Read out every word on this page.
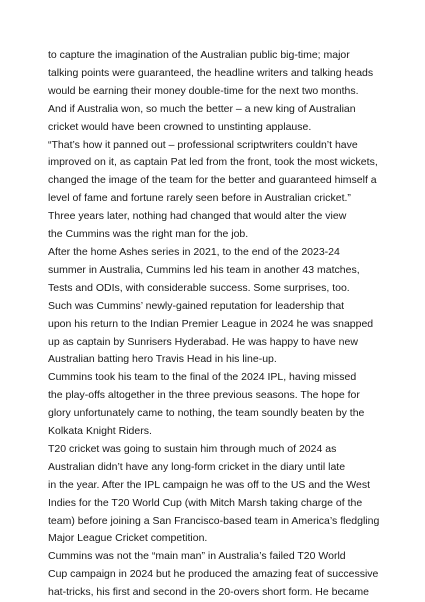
to capture the imagination of the Australian public big-time; major
talking points were guaranteed, the headline writers and talking heads
would be earning their money double-time for the next two months.
And if Australia won, so much the better – a new king of Australian
cricket would have been crowned to unstinting applause.
“That’s how it panned out – professional scriptwriters couldn’t have
improved on it, as captain Pat led from the front, took the most wickets,
changed the image of the team for the better and guaranteed himself a
level of fame and fortune rarely seen before in Australian cricket.”
Three years later, nothing had changed that would alter the view
the Cummins was the right man for the job.
After the home Ashes series in 2021, to the end of the 2023-24
summer in Australia, Cummins led his team in another 43 matches,
Tests and ODIs, with considerable success. Some surprises, too.
Such was Cummins’ newly-gained reputation for leadership that
upon his return to the Indian Premier League in 2024 he was snapped
up as captain by Sunrisers Hyderabad. He was happy to have new
Australian batting hero Travis Head in his line-up.
Cummins took his team to the final of the 2024 IPL, having missed
the play-offs altogether in the three previous seasons. The hope for
glory unfortunately came to nothing, the team soundly beaten by the
Kolkata Knight Riders.
T20 cricket was going to sustain him through much of 2024 as
Australian didn’t have any long-form cricket in the diary until late
in the year. After the IPL campaign he was off to the US and the West
Indies for the T20 World Cup (with Mitch Marsh taking charge of the
team) before joining a San Francisco-based team in America’s fledgling
Major League Cricket competition.
Cummins was not the “main man” in Australia’s failed T20 World
Cup campaign in 2024 but he produced the amazing feat of successive
hat-tricks, his first and second in the 20-overs short form. He became
